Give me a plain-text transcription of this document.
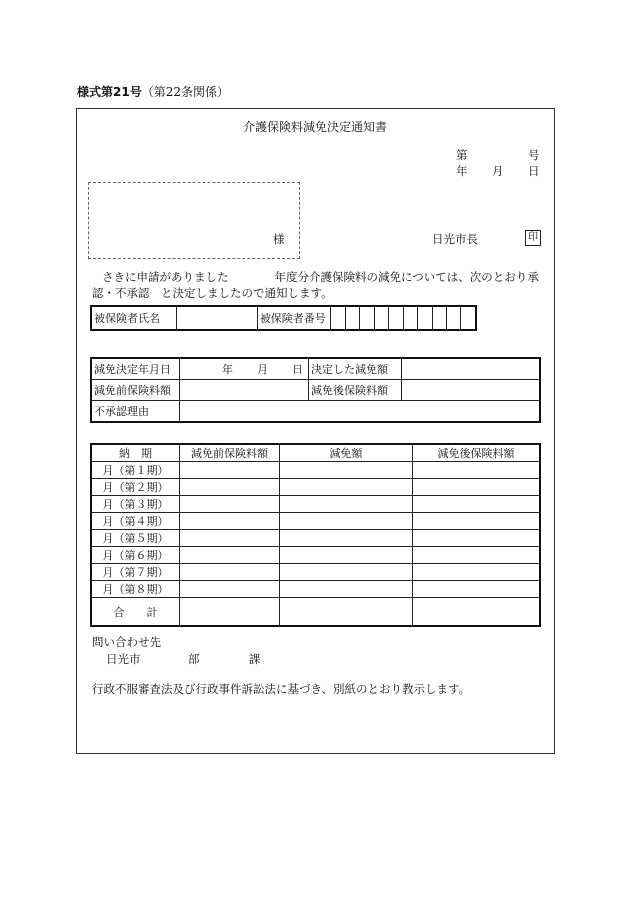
様式第21号（第22条関係）
介護保険料減免決定通知書
第	号
年 月 日
様	日光市長	印
さきに申請がありました	年度分介護保険料の減免については、次のとおり承
認・不承認　と決定しましたので通知します。
被保険者氏名		被保険者番号										
減免決定年月日	年 月 日	決定した減免額	
減免前保険料額		減免後保険料額	
不承認理由			
納　期	減免前保険料額	減免額	減免後保険料額
月（第１期）			
月（第２期）			
月（第３期）			
月（第４期）			
月（第５期）			
月（第６期）			
月（第７期）			
月（第８期）			
合　　計			
問い合わせ先
日光市	部	課
行政不服審査法及び行政事件訴訟法に基づき、別紙のとおり教示します。
